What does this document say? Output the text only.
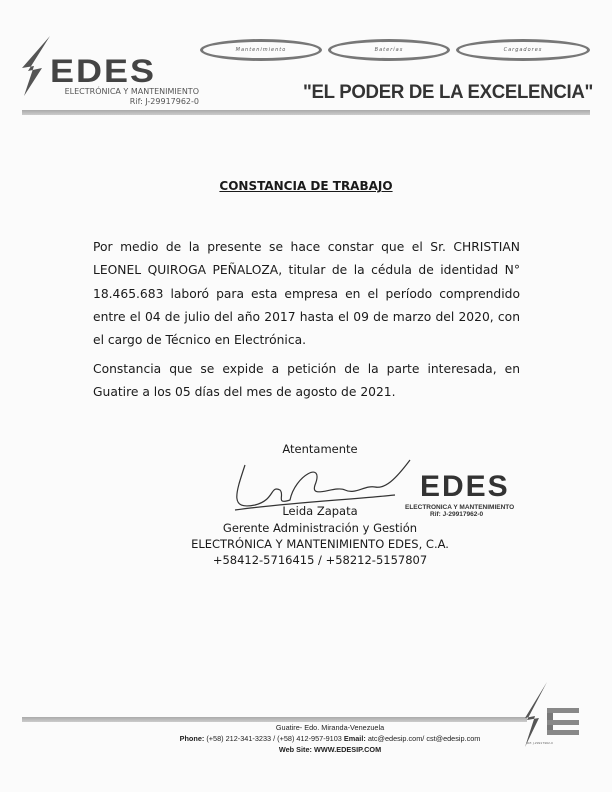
EDES
ELECTRÓNICA Y MANTENIMIENTO
Rif: J-29917962-0
Mantenimiento	Baterías	Cargadores
"EL PODER DE LA EXCELENCIA"
CONSTANCIA DE TRABAJO

Por medio de la presente se hace constar que el Sr. CHRISTIAN LEONEL QUIROGA PEÑALOZA, titular de la cédula de identidad N° 18.465.683 laboró para esta empresa en el período comprendido entre el 04 de julio del año 2017 hasta el 09 de marzo del 2020, con el cargo de Técnico en Electrónica.

Constancia que se expide a petición de la parte interesada, en Guatire a los 05 días del mes de agosto de 2021.

Atentamente
EDES
ELECTRONICA Y MANTENIMIENTO
Rif: J-29917962-0
Leida Zapata
Gerente Administración y Gestión
ELECTRÓNICA Y MANTENIMIENTO EDES, C.A.
+58412-5716415 / +58212-5157807
Rif: J-29917962-0
Guatire- Edo. Miranda-Venezuela
Phone: (+58) 212-341-3233 / (+58) 412-957-9103 Email: atc@edesip.com/ cst@edesip.com
Web Site: WWW.EDESIP.COM
